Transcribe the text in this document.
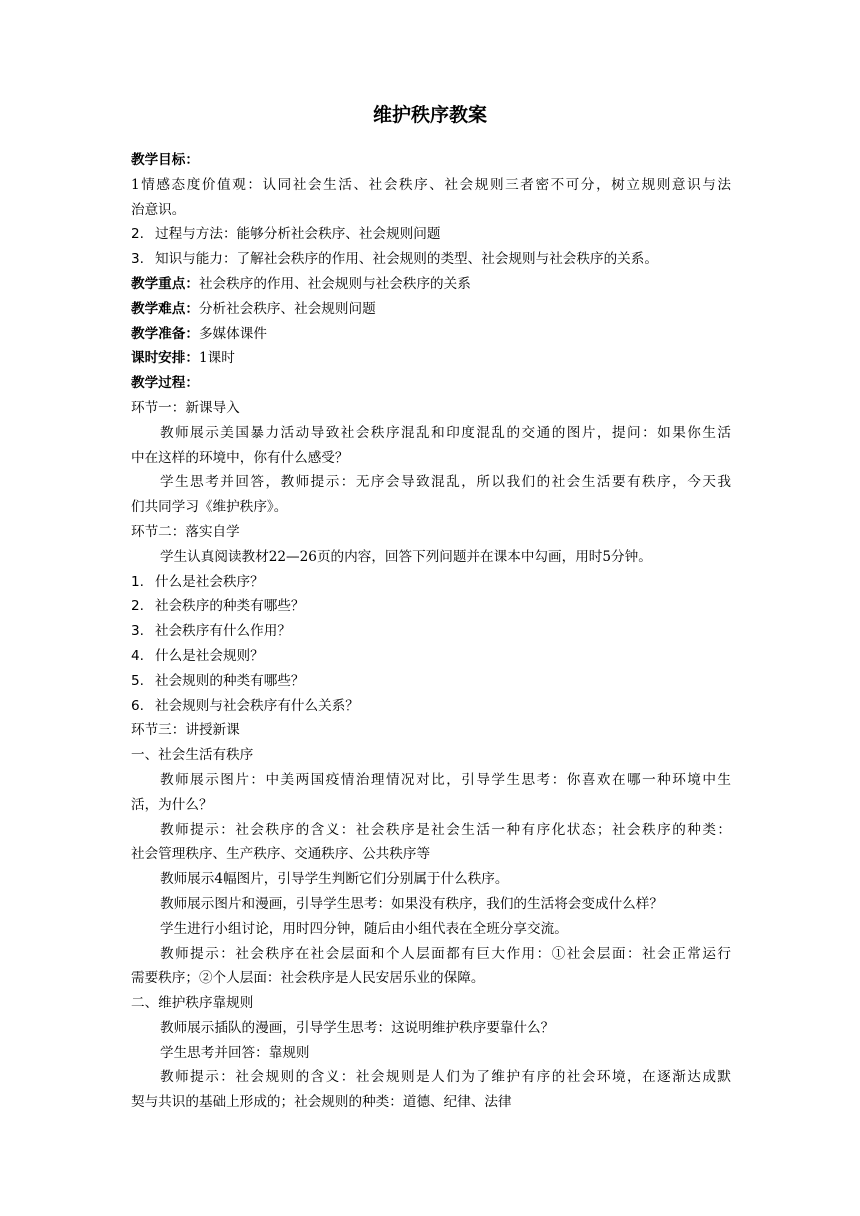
维护秩序教案
教学目标：
1情感态度价值观：认同社会生活、社会秩序、社会规则三者密不可分，树立规则意识与法
治意识。
2. 过程与方法：能够分析社会秩序、社会规则问题
3. 知识与能力：了解社会秩序的作用、社会规则的类型、社会规则与社会秩序的关系。
教学重点：社会秩序的作用、社会规则与社会秩序的关系
教学难点：分析社会秩序、社会规则问题
教学准备：多媒体课件
课时安排：1课时
教学过程：
环节一：新课导入
教师展示美国暴力活动导致社会秩序混乱和印度混乱的交通的图片，提问：如果你生活
中在这样的环境中，你有什么感受？
学生思考并回答，教师提示：无序会导致混乱，所以我们的社会生活要有秩序，今天我
们共同学习《维护秩序》。
环节二：落实自学
学生认真阅读教材22—26页的内容，回答下列问题并在课本中勾画，用时5分钟。
1. 什么是社会秩序？
2. 社会秩序的种类有哪些？
3. 社会秩序有什么作用？
4. 什么是社会规则？
5. 社会规则的种类有哪些？
6. 社会规则与社会秩序有什么关系？
环节三：讲授新课
一、社会生活有秩序
教师展示图片：中美两国疫情治理情况对比，引导学生思考：你喜欢在哪一种环境中生
活，为什么？
教师提示：社会秩序的含义：社会秩序是社会生活一种有序化状态；社会秩序的种类：
社会管理秩序、生产秩序、交通秩序、公共秩序等
教师展示4幅图片，引导学生判断它们分别属于什么秩序。
教师展示图片和漫画，引导学生思考：如果没有秩序，我们的生活将会变成什么样？
学生进行小组讨论，用时四分钟，随后由小组代表在全班分享交流。
教师提示：社会秩序在社会层面和个人层面都有巨大作用：①社会层面：社会正常运行
需要秩序；②个人层面：社会秩序是人民安居乐业的保障。
二、维护秩序靠规则
教师展示插队的漫画，引导学生思考：这说明维护秩序要靠什么？
学生思考并回答：靠规则
教师提示：社会规则的含义：社会规则是人们为了维护有序的社会环境，在逐渐达成默
契与共识的基础上形成的；社会规则的种类：道德、纪律、法律
